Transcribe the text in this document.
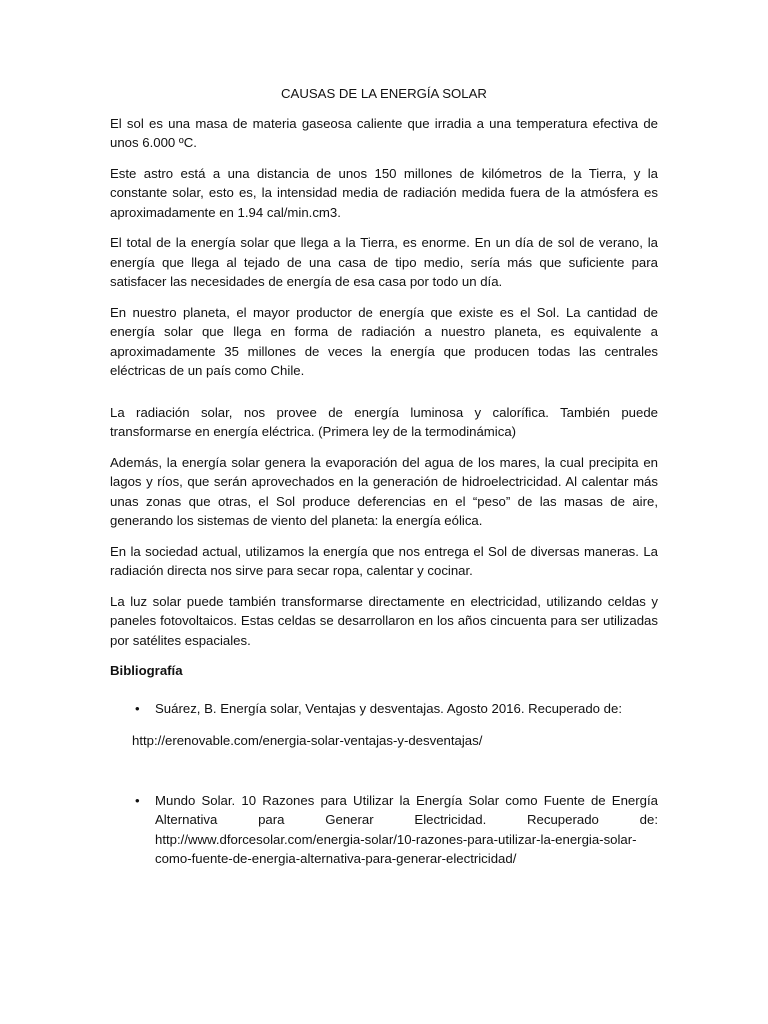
CAUSAS DE LA ENERGÍA SOLAR

El sol es una masa de materia gaseosa caliente que irradia a una temperatura efectiva de unos 6.000 ºC.

Este astro está a una distancia de unos 150 millones de kilómetros de la Tierra, y la constante solar, esto es, la intensidad media de radiación medida fuera de la atmósfera es aproximadamente en 1.94 cal/min.cm3.

El total de la energía solar que llega a la Tierra, es enorme. En un día de sol de verano, la energía que llega al tejado de una casa de tipo medio, sería más que suficiente para satisfacer las necesidades de energía de esa casa por todo un día.

En nuestro planeta, el mayor productor de energía que existe es el Sol. La cantidad de energía solar que llega en forma de radiación a nuestro planeta, es equivalente a aproximadamente 35 millones de veces la energía que producen todas las centrales eléctricas de un país como Chile.

La radiación solar, nos provee de energía luminosa y calorífica. También puede transformarse en energía eléctrica. (Primera ley de la termodinámica)

Además, la energía solar genera la evaporación del agua de los mares, la cual precipita en lagos y ríos, que serán aprovechados en la generación de hidroelectricidad. Al calentar más unas zonas que otras, el Sol produce deferencias en el “peso” de las masas de aire, generando los sistemas de viento del planeta: la energía eólica.

En la sociedad actual, utilizamos la energía que nos entrega el Sol de diversas maneras. La radiación directa nos sirve para secar ropa, calentar y cocinar.

La luz solar puede también transformarse directamente en electricidad, utilizando celdas y paneles fotovoltaicos. Estas celdas se desarrollaron en los años cincuenta para ser utilizadas por satélites espaciales.

Bibliografía
• Suárez, B. Energía solar, Ventajas y desventajas. Agosto 2016. Recuperado de:
http://erenovable.com/energia-solar-ventajas-y-desventajas/
• Mundo Solar. 10 Razones para Utilizar la Energía Solar como Fuente de Energía Alternativa para Generar Electricidad. Recuperado de: http://www.dforcesolar.com/energia-solar/10-razones-para-utilizar-la-energia-solar-como-fuente-de-energia-alternativa-para-generar-electricidad/
